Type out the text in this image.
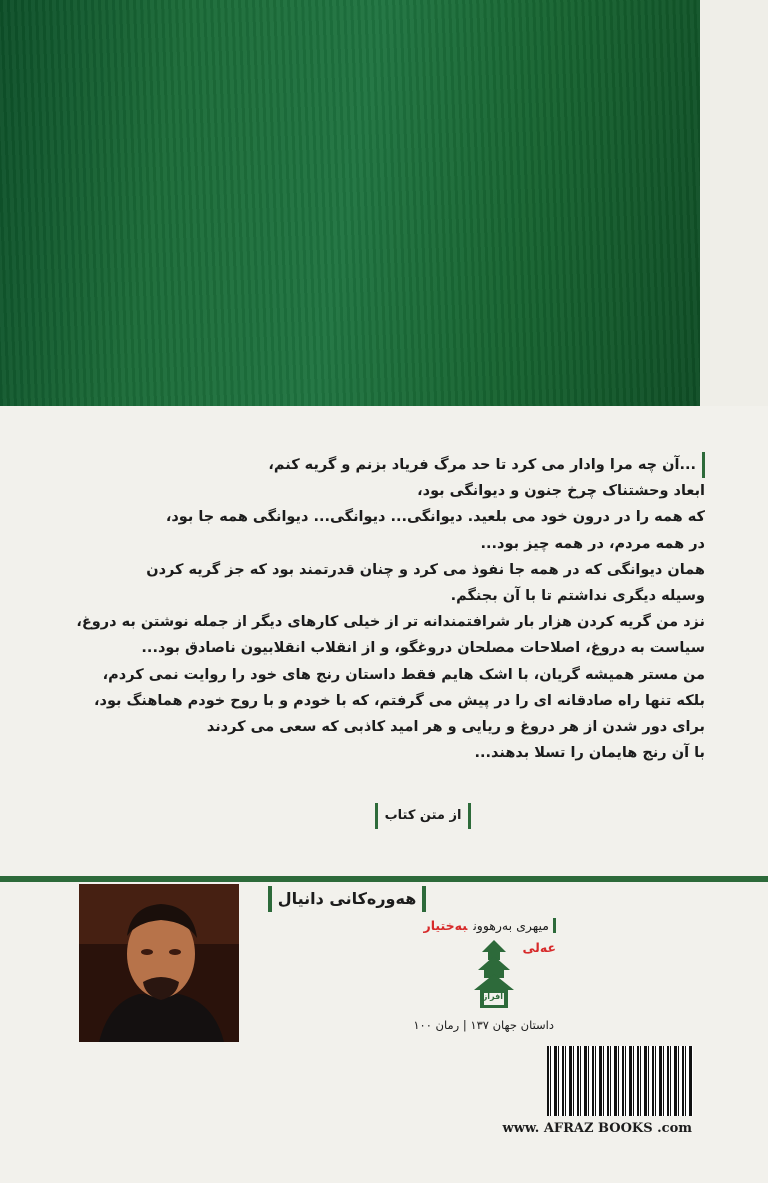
...آن چه مرا وادار می کرد تا حد مرگ فریاد بزنم و گریه کنم،
ابعاد وحشتناک چرخ جنون و دیوانگی بود،
که همه را در درون خود می بلعید. دیوانگی... دیوانگی... دیوانگی همه جا بود،
در همه مردم، در همه چیز بود...
همان دیوانگی که در همه جا نفوذ می کرد و چنان قدرتمند بود که جز گریه کردن
وسیله دیگری نداشتم تا با آن بجنگم.
نزد من گریه کردن هزار بار شرافتمندانه تر از خیلی کارهای دیگر از جمله نوشتن به دروغ،
سیاست به دروغ، اصلاحات مصلحان دروغگو، و از انقلاب انقلابیون ناصادق بود...
من مستر همیشه گریان، با اشک هایم فقط داستان رنج های خود را روایت نمی کردم،
بلکه تنها راه صادقانه ای را در پیش می گرفتم، که با خودم و با روح خودم هماهنگ بود،
برای دور شدن از هر دروغ و ریایی و هر امید کاذبی که سعی می کردند
با آن رنج هایمان را تسلا بدهند...
از متن کتاب
هەورەکانی دانیال
میهری بەرهوونبەختیار عەلی
افراز
داستان جهان ۱۳۷ | رمان ۱۰۰
www. AFRAZ BOOKS .com
